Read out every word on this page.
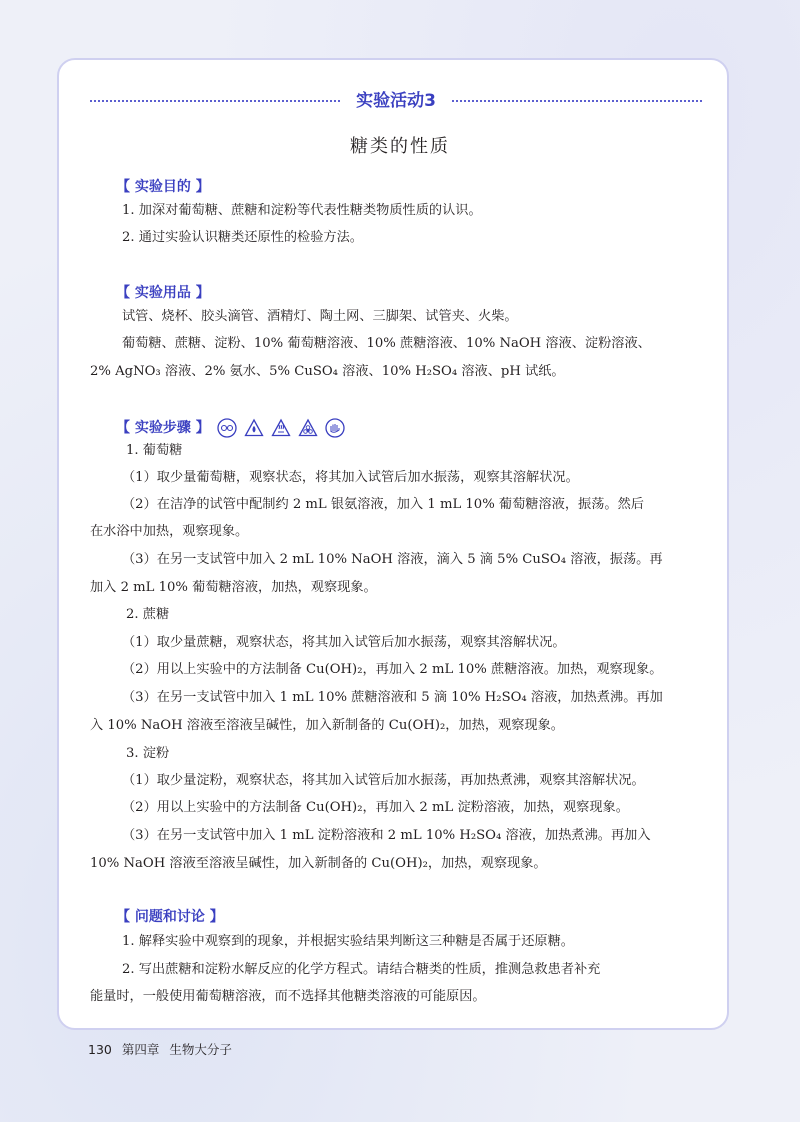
实验活动3
糖类的性质
【 实验目的 】
1. 加深对葡萄糖、蔗糖和淀粉等代表性糖类物质性质的认识。
2. 通过实验认识糖类还原性的检验方法。
【 实验用品 】
试管、烧杯、胶头滴管、酒精灯、陶土网、三脚架、试管夹、火柴。
葡萄糖、蔗糖、淀粉、10% 葡萄糖溶液、10% 蔗糖溶液、10% NaOH 溶液、淀粉溶液、
2% AgNO₃ 溶液、2% 氨水、5% CuSO₄ 溶液、10% H₂SO₄ 溶液、pH 试纸。
【 实验步骤 】

1. 葡萄糖
（1）取少量葡萄糖，观察状态，将其加入试管后加水振荡，观察其溶解状况。
（2）在洁净的试管中配制约 2 mL 银氨溶液，加入 1 mL 10% 葡萄糖溶液，振荡。然后
在水浴中加热，观察现象。
（3）在另一支试管中加入 2 mL 10% NaOH 溶液，滴入 5 滴 5% CuSO₄ 溶液，振荡。再
加入 2 mL 10% 葡萄糖溶液，加热，观察现象。
2. 蔗糖
（1）取少量蔗糖，观察状态，将其加入试管后加水振荡，观察其溶解状况。
（2）用以上实验中的方法制备 Cu(OH)₂，再加入 2 mL 10% 蔗糖溶液。加热，观察现象。
（3）在另一支试管中加入 1 mL 10% 蔗糖溶液和 5 滴 10% H₂SO₄ 溶液，加热煮沸。再加
入 10% NaOH 溶液至溶液呈碱性，加入新制备的 Cu(OH)₂，加热，观察现象。
3. 淀粉
（1）取少量淀粉，观察状态，将其加入试管后加水振荡，再加热煮沸，观察其溶解状况。
（2）用以上实验中的方法制备 Cu(OH)₂，再加入 2 mL 淀粉溶液，加热，观察现象。
（3）在另一支试管中加入 1 mL 淀粉溶液和 2 mL 10% H₂SO₄ 溶液，加热煮沸。再加入
10% NaOH 溶液至溶液呈碱性，加入新制备的 Cu(OH)₂，加热，观察现象。
【 问题和讨论 】
1. 解释实验中观察到的现象，并根据实验结果判断这三种糖是否属于还原糖。
2. 写出蔗糖和淀粉水解反应的化学方程式。请结合糖类的性质，推测急救患者补充
能量时，一般使用葡萄糖溶液，而不选择其他糖类溶液的可能原因。
130 第四章 生物大分子
